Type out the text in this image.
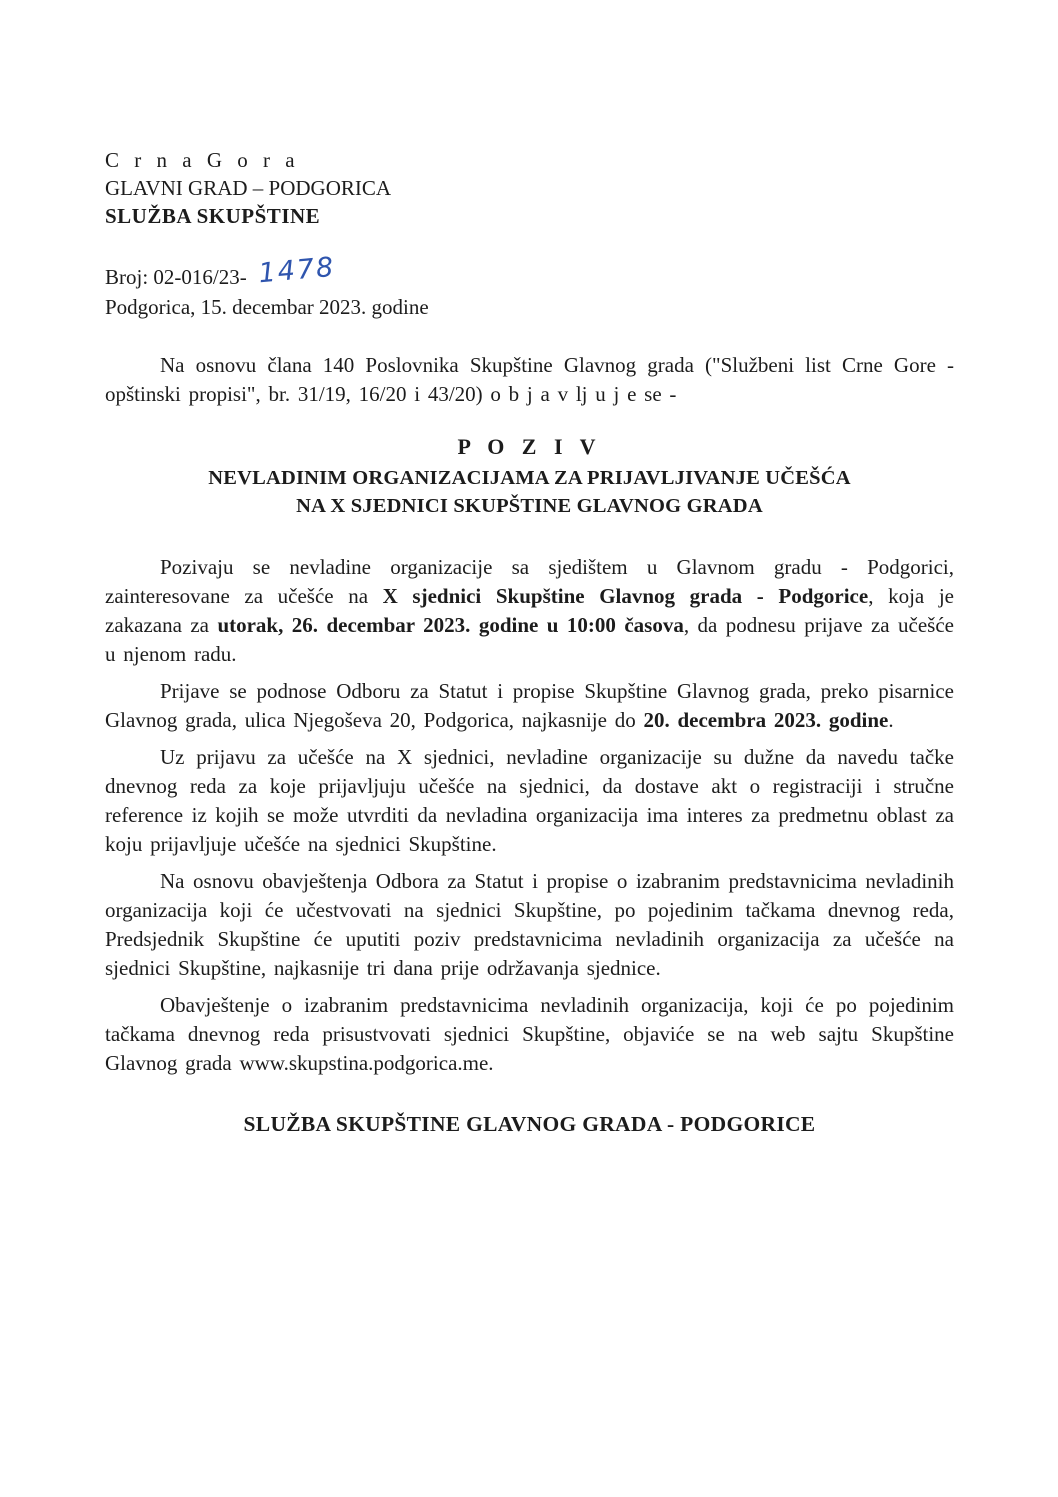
C r n a G o r a
GLAVNI GRAD – PODGORICA
SLUŽBA SKUPŠTINE
Broj: 02-016/23- 1478
Podgorica, 15. decembar 2023. godine

Na osnovu člana 140 Poslovnika Skupštine Glavnog grada ("Službeni list Crne Gore - opštinski propisi", br. 31/19, 16/20 i 43/20) o b j a v lj u j e se -

P O Z I V
NEVLADINIM ORGANIZACIJAMA ZA PRIJAVLJIVANJE UČEŠĆA
NA X SJEDNICI SKUPŠTINE GLAVNOG GRADA

Pozivaju se nevladine organizacije sa sjedištem u Glavnom gradu - Podgorici, zainteresovane za učešće na X sjednici Skupštine Glavnog grada - Podgorice, koja je zakazana za utorak, 26. decembar 2023. godine u 10:00 časova, da podnesu prijave za učešće u njenom radu.

Prijave se podnose Odboru za Statut i propise Skupštine Glavnog grada, preko pisarnice Glavnog grada, ulica Njegoševa 20, Podgorica, najkasnije do 20. decembra 2023. godine.

Uz prijavu za učešće na X sjednici, nevladine organizacije su dužne da navedu tačke dnevnog reda za koje prijavljuju učešće na sjednici, da dostave akt o registraciji i stručne reference iz kojih se može utvrditi da nevladina organizacija ima interes za predmetnu oblast za koju prijavljuje učešće na sjednici Skupštine.

Na osnovu obavještenja Odbora za Statut i propise o izabranim predstavnicima nevladinih organizacija koji će učestvovati na sjednici Skupštine, po pojedinim tačkama dnevnog reda, Predsjednik Skupštine će uputiti poziv predstavnicima nevladinih organizacija za učešće na sjednici Skupštine, najkasnije tri dana prije održavanja sjednice.

Obavještenje o izabranim predstavnicima nevladinih organizacija, koji će po pojedinim tačkama dnevnog reda prisustvovati sjednici Skupštine, objaviće se na web sajtu Skupštine Glavnog grada www.skupstina.podgorica.me.

SLUŽBA SKUPŠTINE GLAVNOG GRADA - PODGORICE
